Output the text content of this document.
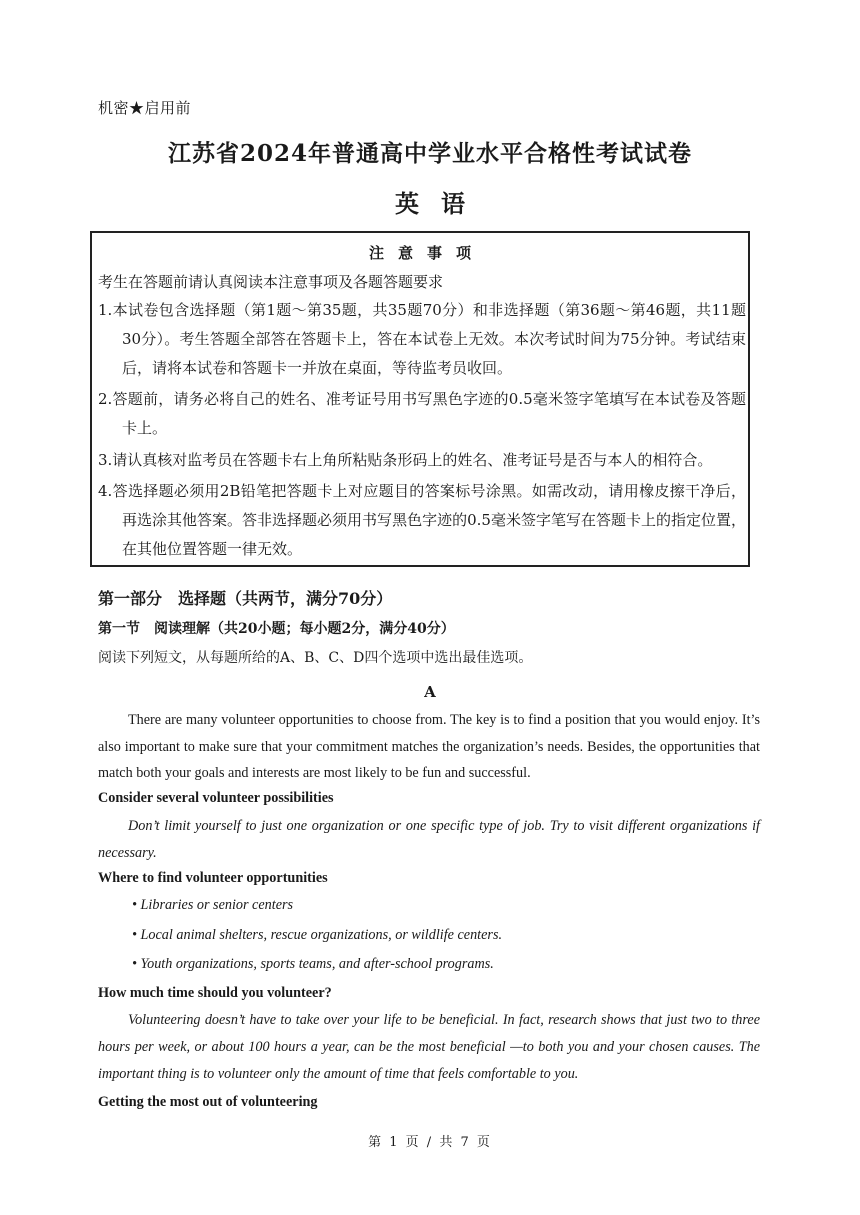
机密★启用前
江苏省2024年普通高中学业水平合格性考试试卷
英语
注意事项
考生在答题前请认真阅读本注意事项及各题答题要求
1.本试卷包含选择题（第1题～第35题，共35题70分）和非选择题（第36题～第46题，共11题30分）。考生答题全部答在答题卡上，答在本试卷上无效。本次考试时间为75分钟。考试结束后，请将本试卷和答题卡一并放在桌面，等待监考员收回。
2.答题前，请务必将自己的姓名、准考证号用书写黑色字迹的0.5毫米签字笔填写在本试卷及答题卡上。
3.请认真核对监考员在答题卡右上角所粘贴条形码上的姓名、准考证号是否与本人的相符合。
4.答选择题必须用2B铅笔把答题卡上对应题目的答案标号涂黑。如需改动，请用橡皮擦干净后，再选涂其他答案。答非选择题必须用书写黑色字迹的0.5毫米签字笔写在答题卡上的指定位置，在其他位置答题一律无效。
第一部分　选择题（共两节，满分70分）
第一节　阅读理解（共20小题；每小题2分，满分40分）
阅读下列短文，从每题所给的A、B、C、D四个选项中选出最佳选项。
A
There are many volunteer opportunities to choose from. The key is to find a position that you would enjoy. It’s also important to make sure that your commitment matches the organization’s needs. Besides, the opportunities that match both your goals and interests are most likely to be fun and successful.
Consider several volunteer possibilities
Don’t limit yourself to just one organization or one specific type of job. Try to visit different organizations if necessary.
Where to find volunteer opportunities
• Libraries or senior centers
• Local animal shelters, rescue organizations, or wildlife centers.
• Youth organizations, sports teams, and after-school programs.
How much time should you volunteer?
Volunteering doesn’t have to take over your life to be beneficial. In fact, research shows that just two to three hours per week, or about 100 hours a year, can be the most beneficial —to both you and your chosen causes. The important thing is to volunteer only the amount of time that feels comfortable to you.
Getting the most out of volunteering
第 1 页 / 共 7 页
